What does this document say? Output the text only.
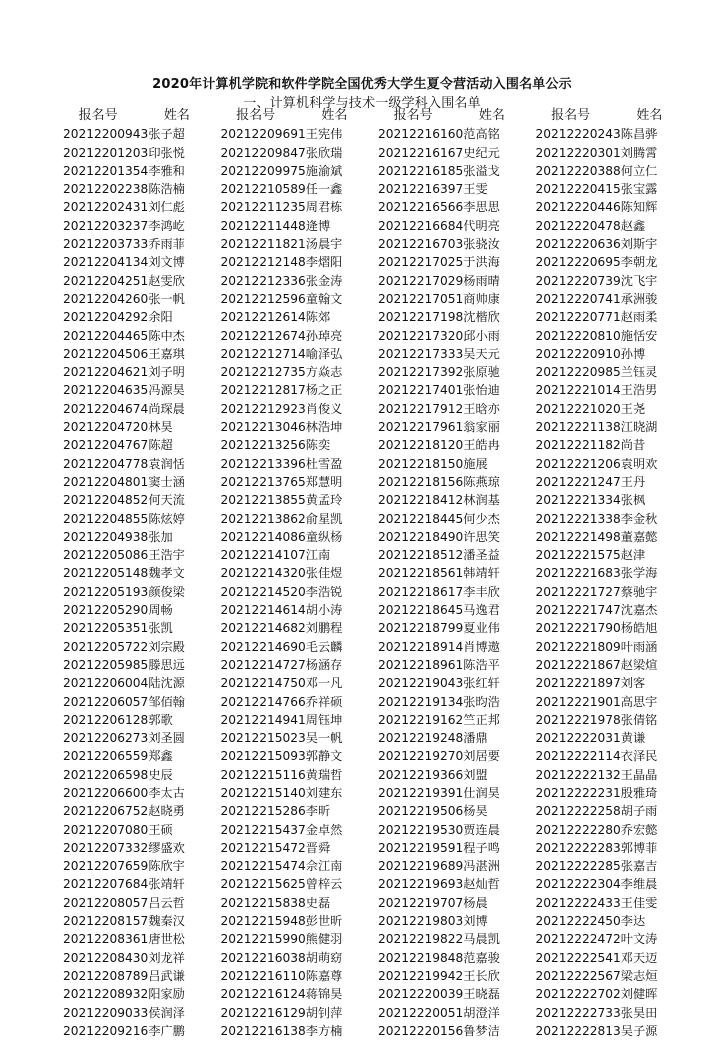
2020年计算机学院和软件学院全国优秀大学生夏令营活动入围名单公示
一、计算机科学与技术一级学科入围名单
报名号	姓名	报名号	姓名	报名号	姓名	报名号	姓名
20212200943	张子超	20212209691	王宪伟	20212216160	范高铭	20212220243	陈昌骅
20212201203	印张悦	20212209847	张欣瑞	20212216167	史纪元	20212220301	刘腾霄
20212201354	李雅和	20212209975	施渝斌	20212216185	张溢戈	20212220388	何立仁
20212202238	陈浩楠	20212210589	任一鑫	20212216397	王雯	20212220415	张宝露
20212202431	刘仁彪	20212211235	周君栋	20212216566	李思思	20212220446	陈知辉
20212203237	李鸿屹	20212211448	逄博	20212216684	代明亮	20212220478	赵鑫
20212203733	乔雨菲	20212211821	汤晨宇	20212216703	张骁汝	20212220636	刘斯宇
20212204134	刘文博	20212212148	李熠阳	20212217025	于洪海	20212220695	李朝龙
20212204251	赵雯欣	20212212336	张金涛	20212217029	杨雨晴	20212220739	沈飞宇
20212204260	张一帆	20212212596	童翰文	20212217051	商帅康	20212220741	承洲骏
20212204292	余阳	20212212614	陈郊	20212217198	沈楷欣	20212220771	赵雨柔
20212204465	陈中杰	20212212674	孙琸亮	20212217320	邱小雨	20212220810	施恬安
20212204506	王嘉琪	20212212714	喻泽弘	20212217333	吴天元	20212220910	孙博
20212204621	刘子明	20212212735	方焱志	20212217392	张原驰	20212220985	兰钰灵
20212204635	冯源昊	20212212817	杨之正	20212217401	张怡迪	20212221014	王浩男
20212204674	尚琛晨	20212212923	肖俊义	20212217912	王晗亦	20212221020	王尧
20212204720	林昊	20212213046	林浩坤	20212217961	翁家丽	20212221138	江晓湖
20212204767	陈超	20212213256	陈奕	20212218120	王皓冉	20212221182	尚昔
20212204778	袁润恬	20212213396	杜雪盈	20212218150	施展	20212221206	袁明欢
20212204801	窦士涵	20212213765	郑慧明	20212218156	陈燕琼	20212221247	王丹
20212204852	何天流	20212213855	黄孟玲	20212218412	林润基	20212221334	张枫
20212204855	陈炫婷	20212213862	俞星凯	20212218445	何少杰	20212221338	李金秋
20212204938	张加	20212214086	童纵杨	20212218490	许思笑	20212221498	董嘉懿
20212205086	王浩宇	20212214107	江南	20212218512	潘圣益	20212221575	赵津
20212205148	魏孝文	20212214320	张佳煜	20212218561	韩靖轩	20212221683	张学海
20212205193	颜俊梁	20212214520	李浩锐	20212218617	李丰欣	20212221727	蔡驰宇
20212205290	周畅	20212214614	胡小涛	20212218645	马逸君	20212221747	沈嘉杰
20212205351	张凯	20212214682	刘鹏程	20212218799	夏业伟	20212221790	杨皓旭
20212205722	刘宗殿	20212214690	毛云麟	20212218914	肖博遨	20212221809	叶雨涵
20212205985	滕思远	20212214727	杨涵存	20212218961	陈浩平	20212221867	赵梁煊
20212206004	陆沈源	20212214750	邓一凡	20212219043	张红轩	20212221897	刘客
20212206057	邹佰翰	20212214766	乔祥硕	20212219134	张昀浩	20212221901	高思宇
20212206128	郭歌	20212214941	周钰坤	20212219162	竺正邦	20212221978	张倩铭
20212206273	刘圣圆	20212215023	吴一帆	20212219248	潘鼎	20212222031	黄谦
20212206559	郑鑫	20212215093	郭静文	20212219270	刘居要	20212222114	衣泽民
20212206598	史辰	20212215116	黄瑞哲	20212219366	刘盟	20212222132	王晶晶
20212206600	李太古	20212215140	刘建东	20212219391	仕润昊	20212222231	殷雅琦
20212206752	赵晓勇	20212215286	李昕	20212219506	杨昊	20212222258	胡子雨
20212207080	王硕	20212215437	金卓然	20212219530	贾连晨	20212222280	乔宏懿
20212207332	缪盛欢	20212215472	晋舜	20212219591	程子鸣	20212222283	郭博菲
20212207659	陈欣宇	20212215474	佘江南	20212219689	冯湛洲	20212222285	张嘉吉
20212207684	张靖轩	20212215625	曾梓云	20212219693	赵灿哲	20212222304	李维晨
20212208057	吕云哲	20212215838	史磊	20212219707	杨晨	20212222433	王佳雯
20212208157	魏秦汉	20212215948	彭世昕	20212219803	刘博	20212222450	李达
20212208361	唐世松	20212215990	熊健羽	20212219822	马晨凯	20212222472	叶文涛
20212208430	刘龙祥	20212216038	胡萌窈	20212219848	范嘉骏	20212222541	邓天迈
20212208789	吕武谦	20212216110	陈嘉尊	20212219942	王长欣	20212222567	梁志烜
20212208932	阳家励	20212216124	蒋锦昊	20212220039	王晓磊	20212222702	刘健晖
20212209033	侯润泽	20212216129	胡钊萍	20212220051	胡澄洋	20212222733	张昊田
20212209216	李广鹏	20212216138	李方楠	20212220156	鲁梦洁	20212222813	吴子源
